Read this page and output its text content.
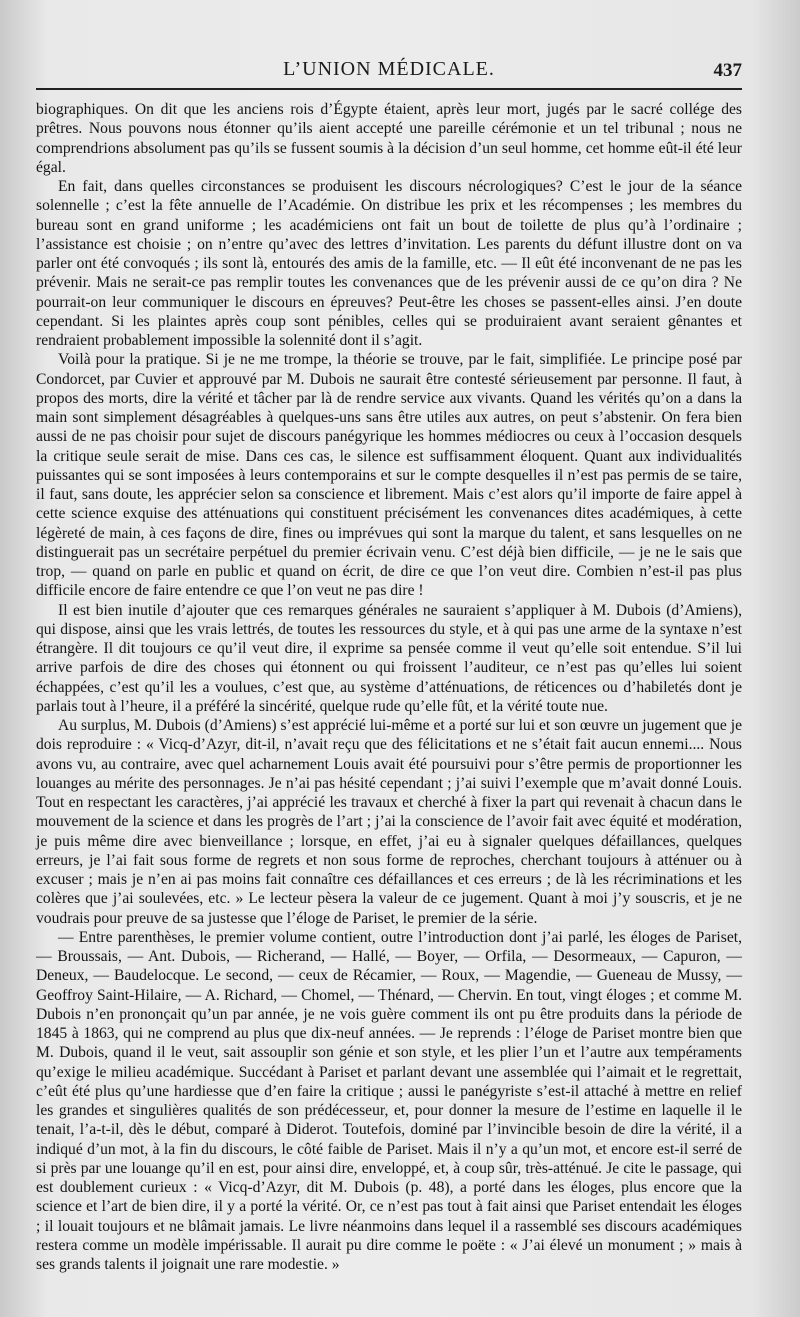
L’UNION MÉDICALE.	437

biographiques. On dit que les anciens rois d’Égypte étaient, après leur mort, jugés par le sacré collége des prêtres. Nous pouvons nous étonner qu’ils aient accepté une pareille cérémonie et un tel tribunal ; nous ne comprendrions absolument pas qu’ils se fussent soumis à la décision d’un seul homme, cet homme eût-il été leur égal.

En fait, dans quelles circonstances se produisent les discours nécrologiques? C’est le jour de la séance solennelle ; c’est la fête annuelle de l’Académie. On distribue les prix et les récompenses ; les membres du bureau sont en grand uniforme ; les académiciens ont fait un bout de toilette de plus qu’à l’ordinaire ; l’assistance est choisie ; on n’entre qu’avec des lettres d’invitation. Les parents du défunt illustre dont on va parler ont été convoqués ; ils sont là, entourés des amis de la famille, etc. — Il eût été inconvenant de ne pas les prévenir. Mais ne serait-ce pas remplir toutes les convenances que de les prévenir aussi de ce qu’on dira ? Ne pourrait-on leur communiquer le discours en épreuves? Peut-être les choses se passent-elles ainsi. J’en doute cependant. Si les plaintes après coup sont pénibles, celles qui se produiraient avant seraient gênantes et rendraient probablement impossible la solennité dont il s’agit.

Voilà pour la pratique. Si je ne me trompe, la théorie se trouve, par le fait, simplifiée. Le principe posé par Condorcet, par Cuvier et approuvé par M. Dubois ne saurait être contesté sérieusement par personne. Il faut, à propos des morts, dire la vérité et tâcher par là de rendre service aux vivants. Quand les vérités qu’on a dans la main sont simplement désagréables à quelques-uns sans être utiles aux autres, on peut s’abstenir. On fera bien aussi de ne pas choisir pour sujet de discours panégyrique les hommes médiocres ou ceux à l’occasion desquels la critique seule serait de mise. Dans ces cas, le silence est suffisamment éloquent. Quant aux individualités puissantes qui se sont imposées à leurs contemporains et sur le compte desquelles il n’est pas permis de se taire, il faut, sans doute, les apprécier selon sa conscience et librement. Mais c’est alors qu’il importe de faire appel à cette science exquise des atténuations qui constituent précisément les convenances dites académiques, à cette légèreté de main, à ces façons de dire, fines ou imprévues qui sont la marque du talent, et sans lesquelles on ne distinguerait pas un secrétaire perpétuel du premier écrivain venu. C’est déjà bien difficile, — je ne le sais que trop, — quand on parle en public et quand on écrit, de dire ce que l’on veut dire. Combien n’est-il pas plus difficile encore de faire entendre ce que l’on veut ne pas dire !

Il est bien inutile d’ajouter que ces remarques générales ne sauraient s’appliquer à M. Dubois (d’Amiens), qui dispose, ainsi que les vrais lettrés, de toutes les ressources du style, et à qui pas une arme de la syntaxe n’est étrangère. Il dit toujours ce qu’il veut dire, il exprime sa pensée comme il veut qu’elle soit entendue. S’il lui arrive parfois de dire des choses qui étonnent ou qui froissent l’auditeur, ce n’est pas qu’elles lui soient échappées, c’est qu’il les a voulues, c’est que, au système d’atténuations, de réticences ou d’habiletés dont je parlais tout à l’heure, il a préféré la sincérité, quelque rude qu’elle fût, et la vérité toute nue.

Au surplus, M. Dubois (d’Amiens) s’est apprécié lui-même et a porté sur lui et son œuvre un jugement que je dois reproduire : « Vicq-d’Azyr, dit-il, n’avait reçu que des félicitations et ne s’était fait aucun ennemi.... Nous avons vu, au contraire, avec quel acharnement Louis avait été poursuivi pour s’être permis de proportionner les louanges au mérite des personnages. Je n’ai pas hésité cependant ; j’ai suivi l’exemple que m’avait donné Louis. Tout en respectant les caractères, j’ai apprécié les travaux et cherché à fixer la part qui revenait à chacun dans le mouvement de la science et dans les progrès de l’art ; j’ai la conscience de l’avoir fait avec équité et modération, je puis même dire avec bienveillance ; lorsque, en effet, j’ai eu à signaler quelques défaillances, quelques erreurs, je l’ai fait sous forme de regrets et non sous forme de reproches, cherchant toujours à atténuer ou à excuser ; mais je n’en ai pas moins fait connaître ces défaillances et ces erreurs ; de là les récriminations et les colères que j’ai soulevées, etc. » Le lecteur pèsera la valeur de ce jugement. Quant à moi j’y souscris, et je ne voudrais pour preuve de sa justesse que l’éloge de Pariset, le premier de la série.

— Entre parenthèses, le premier volume contient, outre l’introduction dont j’ai parlé, les éloges de Pariset, — Broussais, — Ant. Dubois, — Richerand, — Hallé, — Boyer, — Orfila, — Desormeaux, — Capuron, — Deneux, — Baudelocque. Le second, — ceux de Récamier, — Roux, — Magendie, — Gueneau de Mussy, — Geoffroy Saint-Hilaire, — A. Richard, — Chomel, — Thénard, — Chervin. En tout, vingt éloges ; et comme M. Dubois n’en prononçait qu’un par année, je ne vois guère comment ils ont pu être produits dans la période de 1845 à 1863, qui ne comprend au plus que dix-neuf années. — Je reprends : l’éloge de Pariset montre bien que M. Dubois, quand il le veut, sait assouplir son génie et son style, et les plier l’un et l’autre aux tempéraments qu’exige le milieu académique. Succédant à Pariset et parlant devant une assemblée qui l’aimait et le regrettait, c’eût été plus qu’une hardiesse que d’en faire la critique ; aussi le panégyriste s’est-il attaché à mettre en relief les grandes et singulières qualités de son prédécesseur, et, pour donner la mesure de l’estime en laquelle il le tenait, l’a-t-il, dès le début, comparé à Diderot. Toutefois, dominé par l’invincible besoin de dire la vérité, il a indiqué d’un mot, à la fin du discours, le côté faible de Pariset. Mais il n’y a qu’un mot, et encore est-il serré de si près par une louange qu’il en est, pour ainsi dire, enveloppé, et, à coup sûr, très-atténué. Je cite le passage, qui est doublement curieux : « Vicq-d’Azyr, dit M. Dubois (p. 48), a porté dans les éloges, plus encore que la science et l’art de bien dire, il y a porté la vérité. Or, ce n’est pas tout à fait ainsi que Pariset entendait les éloges ; il louait toujours et ne blâmait jamais. Le livre néanmoins dans lequel il a rassemblé ses discours académiques restera comme un modèle impérissable. Il aurait pu dire comme le poëte : « J’ai élevé un monument ; » mais à ses grands talents il joignait une rare modestie. »
